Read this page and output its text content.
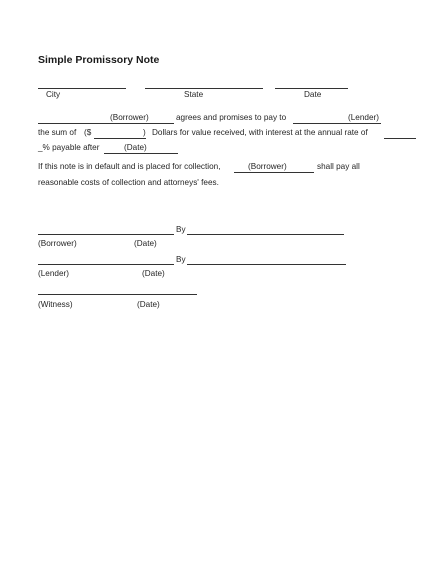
Simple Promissory Note
City	State	Date
(Borrower)	agrees and promises to pay to	(Lender)
the sum of ($	) Dollars for value received, with interest at the annual rate of
_% payable after	(Date)
If this note is in default and is placed for collection,	(Borrower)	shall pay all
reasonable costs of collection and attorneys' fees.
By
(Borrower)	(Date)
By
(Lender)	(Date)
(Witness)	(Date)
